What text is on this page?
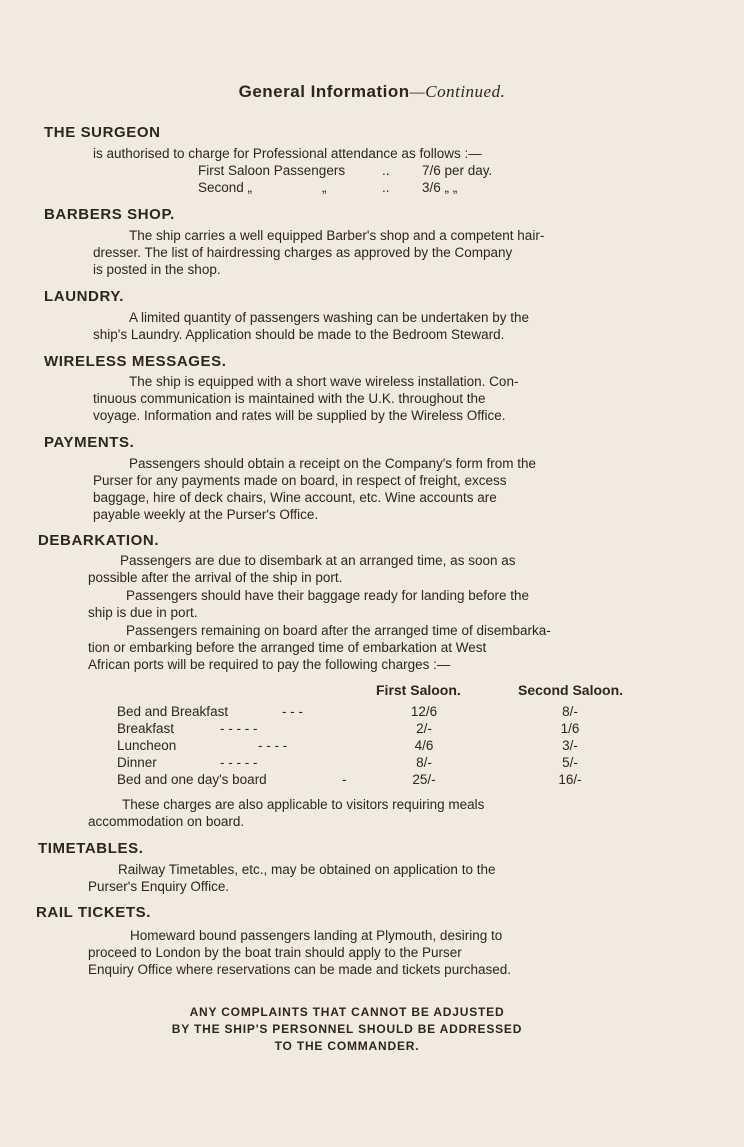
General Information—Continued.
THE SURGEON
is authorised to charge for Professional attendance as follows :—
First Saloon Passengers	.. 7/6 per day.
Second „	„	.. 3/6 „ „
BARBERS SHOP.
The ship carries a well equipped Barber's shop and a competent hair-
dresser. The list of hairdressing charges as approved by the Company
is posted in the shop.
LAUNDRY.
A limited quantity of passengers washing can be undertaken by the
ship's Laundry. Application should be made to the Bedroom Steward.
WIRELESS MESSAGES.
The ship is equipped with a short wave wireless installation. Con-
tinuous communication is maintained with the U.K. throughout the
voyage. Information and rates will be supplied by the Wireless Office.
PAYMENTS.
Passengers should obtain a receipt on the Company's form from the
Purser for any payments made on board, in respect of freight, excess
baggage, hire of deck chairs, Wine account, etc. Wine accounts are
payable weekly at the Purser's Office.
DEBARKATION.
Passengers are due to disembark at an arranged time, as soon as
possible after the arrival of the ship in port.
Passengers should have their baggage ready for landing before the
ship is due in port.
Passengers remaining on board after the arranged time of disembarka-
tion or embarking before the arranged time of embarkation at West
African ports will be required to pay the following charges :—
First Saloon.	Second Saloon.
Bed and Breakfast	- - -	12/6	8/-
Breakfast	- - - - -	2/-	1/6
Luncheon	- - - -	4/6	3/-
Dinner	- - - - -	8/-	5/-
Bed and one day's board	-	25/-	16/-
These charges are also applicable to visitors requiring meals
accommodation on board.
TIMETABLES.
Railway Timetables, etc., may be obtained on application to the
Purser's Enquiry Office.
RAIL TICKETS.
Homeward bound passengers landing at Plymouth, desiring to
proceed to London by the boat train should apply to the Purser
Enquiry Office where reservations can be made and tickets purchased.
ANY COMPLAINTS THAT CANNOT BE ADJUSTED
BY THE SHIP'S PERSONNEL SHOULD BE ADDRESSED
TO THE COMMANDER.
